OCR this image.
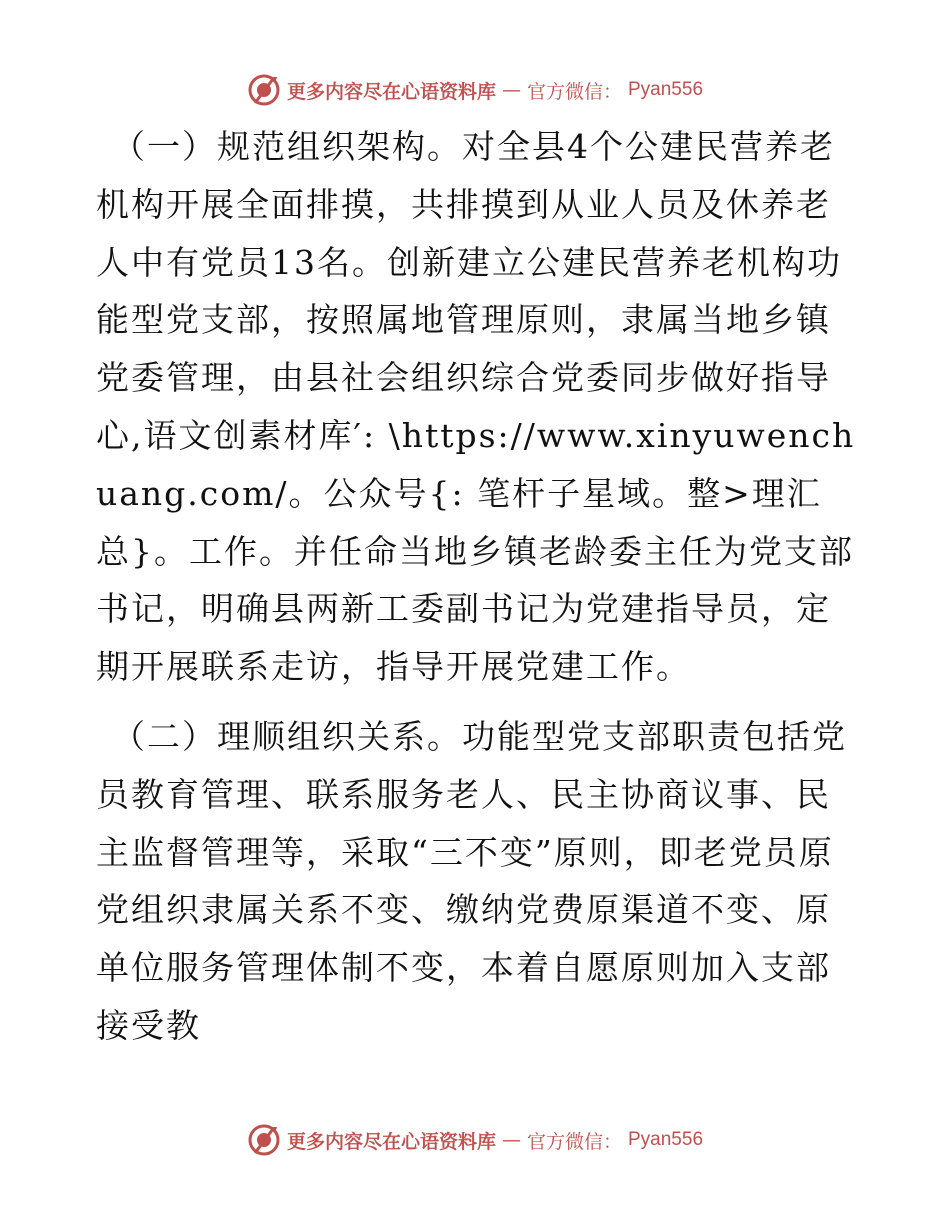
更多内容尽在心语资料库 — 官方微信： Pyan556

（一）规范组织架构。对全县4个公建民营养老机构开展全面排摸，共排摸到从业人员及休养老人中有党员13名。创新建立公建民营养老机构功能型党支部，按照属地管理原则，隶属当地乡镇党委管理，由县社会组织综合党委同步做好指导心,语文创素材库′: \https://www.xinyuwenchuang.com/。公众号{: 笔杆子星域。整>理汇总}。工作。并任命当地乡镇老龄委主任为党支部书记，明确县两新工委副书记为党建指导员，定期开展联系走访，指导开展党建工作。

（二）理顺组织关系。功能型党支部职责包括党员教育管理、联系服务老人、民主协商议事、民主监督管理等，采取“三不变”原则，即老党员原党组织隶属关系不变、缴纳党费原渠道不变、原单位服务管理体制不变，本着自愿原则加入支部接受教

更多内容尽在心语资料库 — 官方微信： Pyan556
